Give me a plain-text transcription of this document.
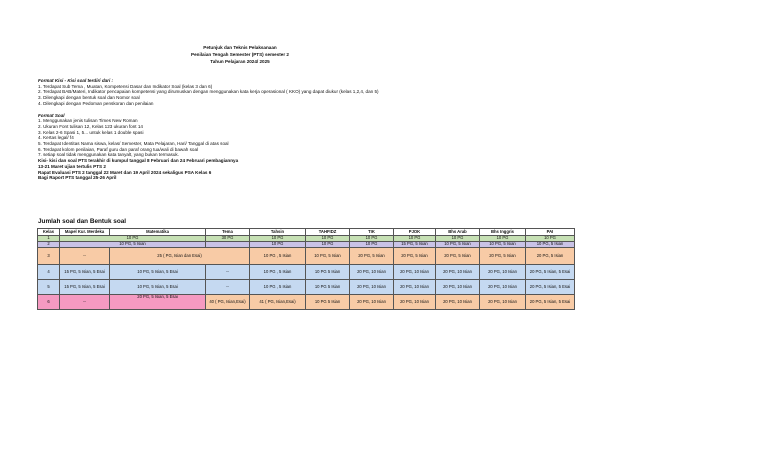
Petunjuk dan Teknis Pelaksanaan
Penilaian Tengah Semester (PTS) semester 2
Tahun Pelajaran 2024/ 2025
Format Kisi - Kisi soal terdiri dari :
1. Terdapat Sub Tema , Muatan, Kompetensi Dasar dan Indikator Soal (kelas 3 dan 6)
2. Terdapat BAB/Materi, Indikator pencapaian kompetensi yang dirumuskan dengan menggunakan kata kerja operasional ( KKO) yang dapat diukur (kelas 1,2,4, dan 5)
3. Dilengkapi dengan bentuk soal dan Nomor soal
4. Dilengkapi dengan Pedoman penskoran dan penilaian
Format Soal
1. Menggunakan jenis tulisan Times New Roman
2. Ukuran Font tulisan 12, Kelas 123 ukuran font 14
3. Kelas 2-6 Spasi 1, 5... untuk kelas 1 double spasi
4. Kertas legal/ f4
5. Terdapat Identitas Nama siswa, kelas/ Semester, Mata Pelajaran, Hari/ Tanggal di atas soal
6. Terdapat kolom penilaian, Paraf guru dan paraf orang tua/wali di bawah soal
7. setiap soal tidak menggunakan kata tanyalt, yang bukan termasuk.
Kisi- kisi dan soal PTS terakhir di kumpul tanggal 8 Februari dan 24 Februari pembagiannya
13-21 Maret ujian tertulis PTS 2
Rapat Evaluasi PTS 2 tanggal 22 Maret dan 19 April 2024 sekaligus PSA Kelas 6
Bagi Raport PTS tanggal 25-26 April
Jumlah soal dan Bentuk soal
Kelas	Mapel Kur. Merdeka	Matematika	Tema	Tahsin	TAHFIDZ	TIK	PJOK	Bhs Arab	Bhs Inggris	PAI
1	10 PG		30 PG	10 PG	10 PG	10 PG	10 PG	10 PG	10 PG	10 PG
2	10 PG, 5 Isian			10 PG	10 PG	10 PG	15 PG, 5 Isian	10 PG, 5 Isian	10 PG, 5 Isian	10 PG, 5 Isian
3	--	25 ( PG, Isian dan Esai)		10 PG , 5 Isian	10 PG, 5 Isian	20 PG, 5 Isian	20 PG, 5 Isian	20 PG, 5 Isian	20 PG, 5 Isian	20 PG, 5 Isian
4	15 PG, 5 Isian, 5 Esai	10 PG, 5 Isian, 5 Esai	--	10 PG , 5 Isian	10 PG 5 Isian	20 PG, 10 Isian	20 PG, 10 Isian	20 PG, 10 Isian	20 PG, 10 Isian	20 PG, 5 Isian, 5 Esai
5	15 PG, 5 Isian, 5 Esai	10 PG, 5 Isian, 5 Esai	--	10 PG , 5 Isian	10 PG 5 Isian	20 PG, 10 Isian	20 PG, 10 Isian	20 PG, 10 Isian	20 PG, 10 Isian	20 PG, 5 Isian, 5 Esai
6	--	20 PG, 5 Isian, 5 Esai	40 ( PG, Isian,Esai)	41 ( PG, Isian,Esai)	10 PG 5 Isian	20 PG, 10 Isian	20 PG, 10 Isian	20 PG, 10 Isian	20 PG, 10 Isian	20 PG, 5 Isian, 5 Esai
